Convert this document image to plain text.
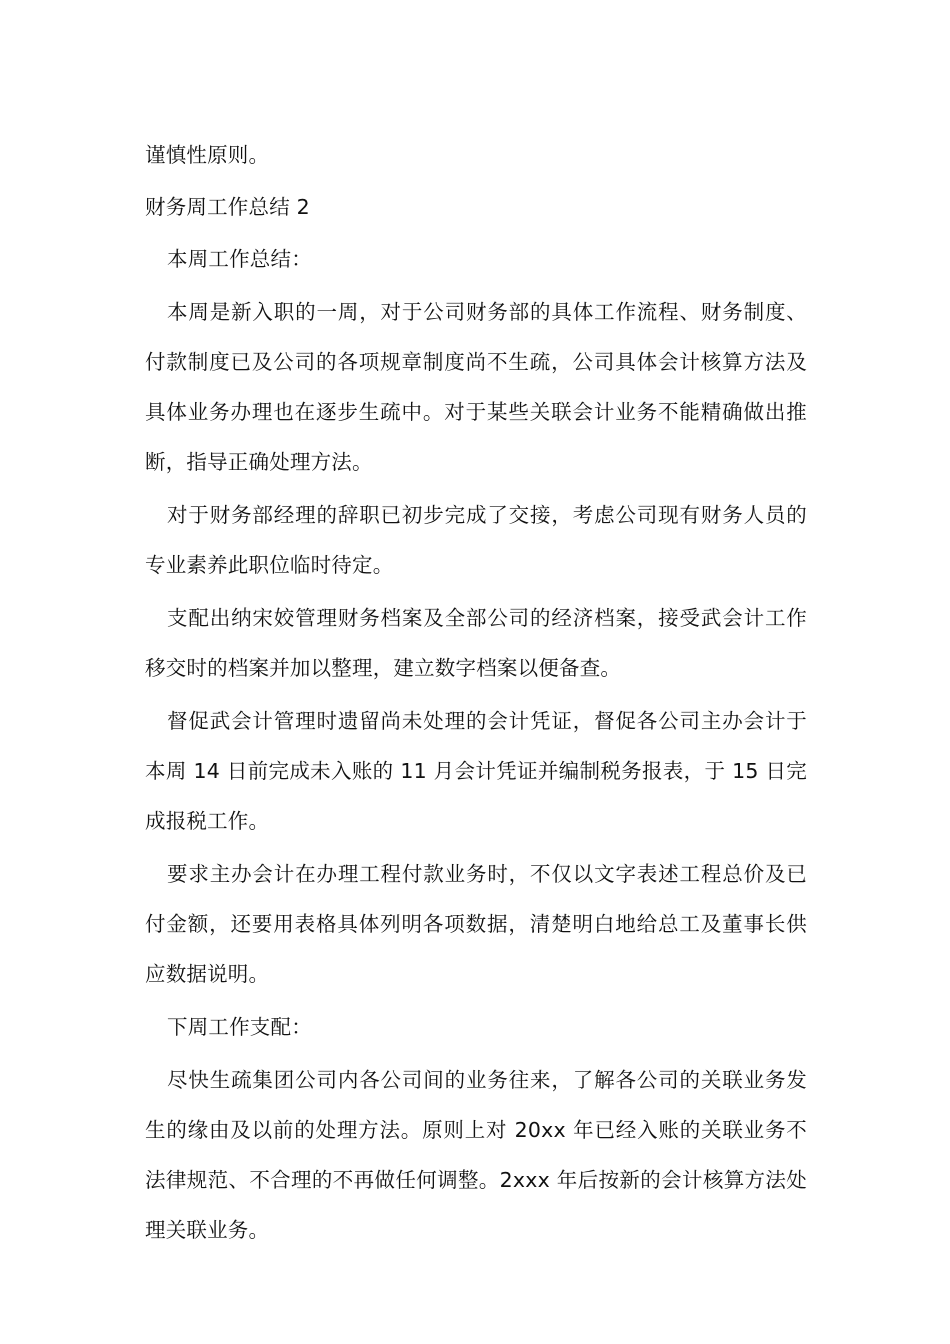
谨慎性原则。

财务周工作总结 2

本周工作总结：

本周是新入职的一周，对于公司财务部的具体工作流程、财务制度、付款制度已及公司的各项规章制度尚不生疏，公司具体会计核算方法及具体业务办理也在逐步生疏中。对于某些关联会计业务不能精确做出推断，指导正确处理方法。

对于财务部经理的辞职已初步完成了交接，考虑公司现有财务人员的专业素养此职位临时待定。

支配出纳宋姣管理财务档案及全部公司的经济档案，接受武会计工作移交时的档案并加以整理，建立数字档案以便备查。

督促武会计管理时遗留尚未处理的会计凭证，督促各公司主办会计于本周 14 日前完成未入账的 11 月会计凭证并编制税务报表，于 15 日完成报税工作。

要求主办会计在办理工程付款业务时，不仅以文字表述工程总价及已付金额，还要用表格具体列明各项数据，清楚明白地给总工及董事长供应数据说明。

下周工作支配：

尽快生疏集团公司内各公司间的业务往来，了解各公司的关联业务发生的缘由及以前的处理方法。原则上对 20xx 年已经入账的关联业务不法律规范、不合理的不再做任何调整。2xxx 年后按新的会计核算方法处理关联业务。
